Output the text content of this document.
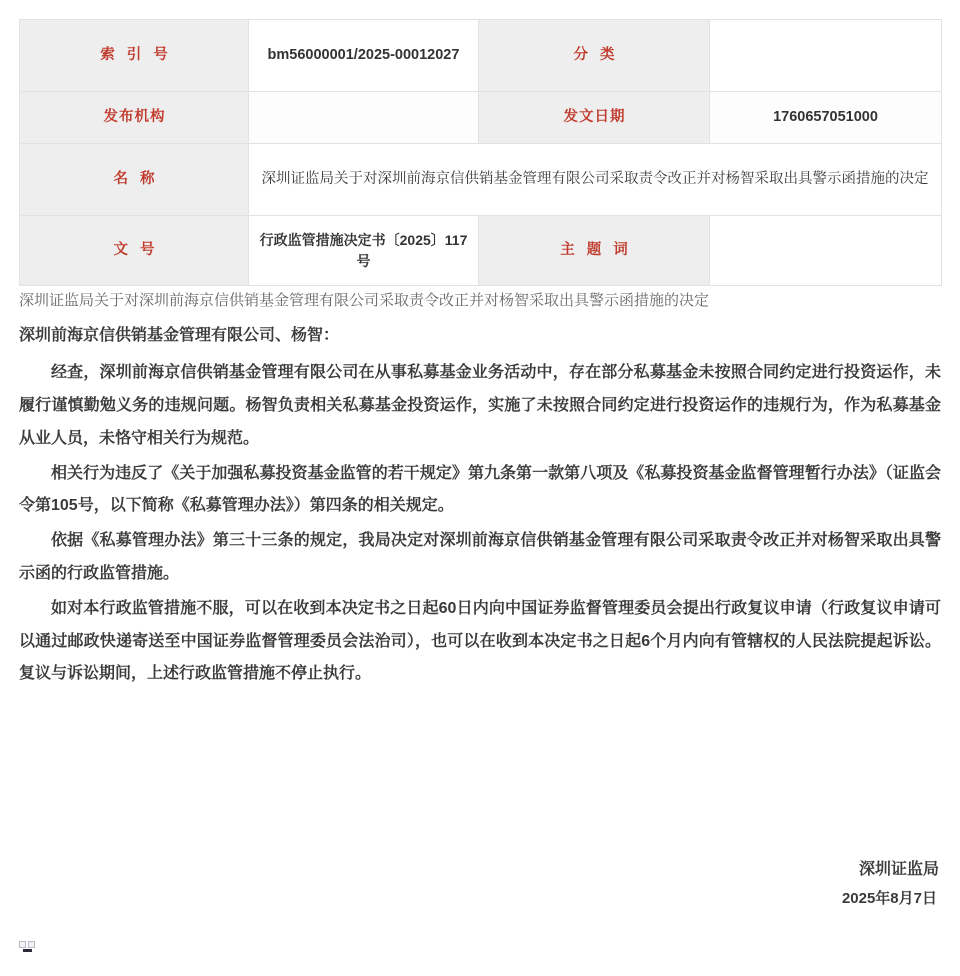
索 引 号	bm56000001/2025-00012027	分 类	
发布机构		发文日期	1760657051000
名 称	深圳证监局关于对深圳前海京信供销基金管理有限公司采取责令改正并对杨智采取出具警示函措施的决定		
文 号	行政监管措施决定书〔2025〕117号	主 题 词	
深圳证监局关于对深圳前海京信供销基金管理有限公司采取责令改正并对杨智采取出具警示函措施的决定
深圳前海京信供销基金管理有限公司、杨智：

经查，深圳前海京信供销基金管理有限公司在从事私募基金业务活动中，存在部分私募基金未按照合同约定进行投资运作，未履行谨慎勤勉义务的违规问题。杨智负责相关私募基金投资运作，实施了未按照合同约定进行投资运作的违规行为，作为私募基金从业人员，未恪守相关行为规范。

相关行为违反了《关于加强私募投资基金监管的若干规定》第九条第一款第八项及《私募投资基金监督管理暂行办法》（证监会令第105号，以下简称《私募管理办法》）第四条的相关规定。

依据《私募管理办法》第三十三条的规定，我局决定对深圳前海京信供销基金管理有限公司采取责令改正并对杨智采取出具警示函的行政监管措施。

如对本行政监管措施不服，可以在收到本决定书之日起60日内向中国证券监督管理委员会提出行政复议申请（行政复议申请可以通过邮政快递寄送至中国证券监督管理委员会法治司），也可以在收到本决定书之日起6个月内向有管辖权的人民法院提起诉讼。复议与诉讼期间，上述行政监管措施不停止执行。

深圳证监局
2025年8月7日
